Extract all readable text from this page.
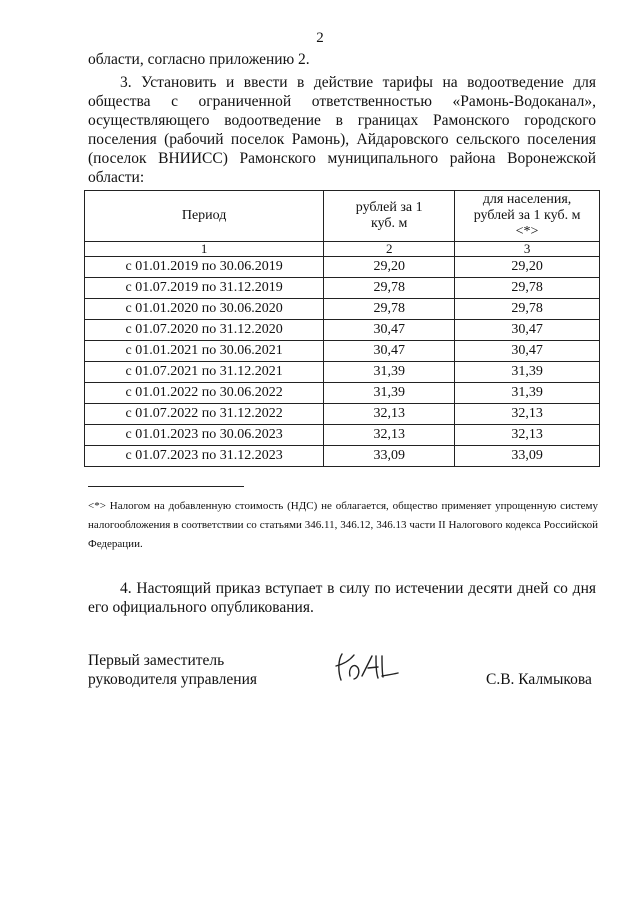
2
области, согласно приложению 2.
3. Установить и ввести в действие тарифы на водоотведение для общества с ограниченной ответственностью «Рамонь-Водоканал», осуществляющего водоотведение в границах Рамонского городского поселения (рабочий поселок Рамонь), Айдаровского сельского поселения (поселок ВНИИСС) Рамонского муниципального района Воронежской области:
Период	рублей за 1 куб. м	для населения, рублей за 1 куб. м <*>

1	2	3
с 01.01.2019 по 30.06.2019	29,20	29,20
с 01.07.2019 по 31.12.2019	29,78	29,78
с 01.01.2020 по 30.06.2020	29,78	29,78
с 01.07.2020 по 31.12.2020	30,47	30,47
с 01.01.2021 по 30.06.2021	30,47	30,47
с 01.07.2021 по 31.12.2021	31,39	31,39
с 01.01.2022 по 30.06.2022	31,39	31,39
с 01.07.2022 по 31.12.2022	32,13	32,13
с 01.01.2023 по 30.06.2023	32,13	32,13
с 01.07.2023 по 31.12.2023	33,09	33,09
<*> Налогом на добавленную стоимость (НДС) не облагается, общество применяет упрощенную систему налогообложения в соответствии со статьями 346.11, 346.12, 346.13 части II Налогового кодекса Российской Федерации.
4. Настоящий приказ вступает в силу по истечении десяти дней со дня его официального опубликования.
Первый заместитель
руководителя управления	С.В. Калмыкова
